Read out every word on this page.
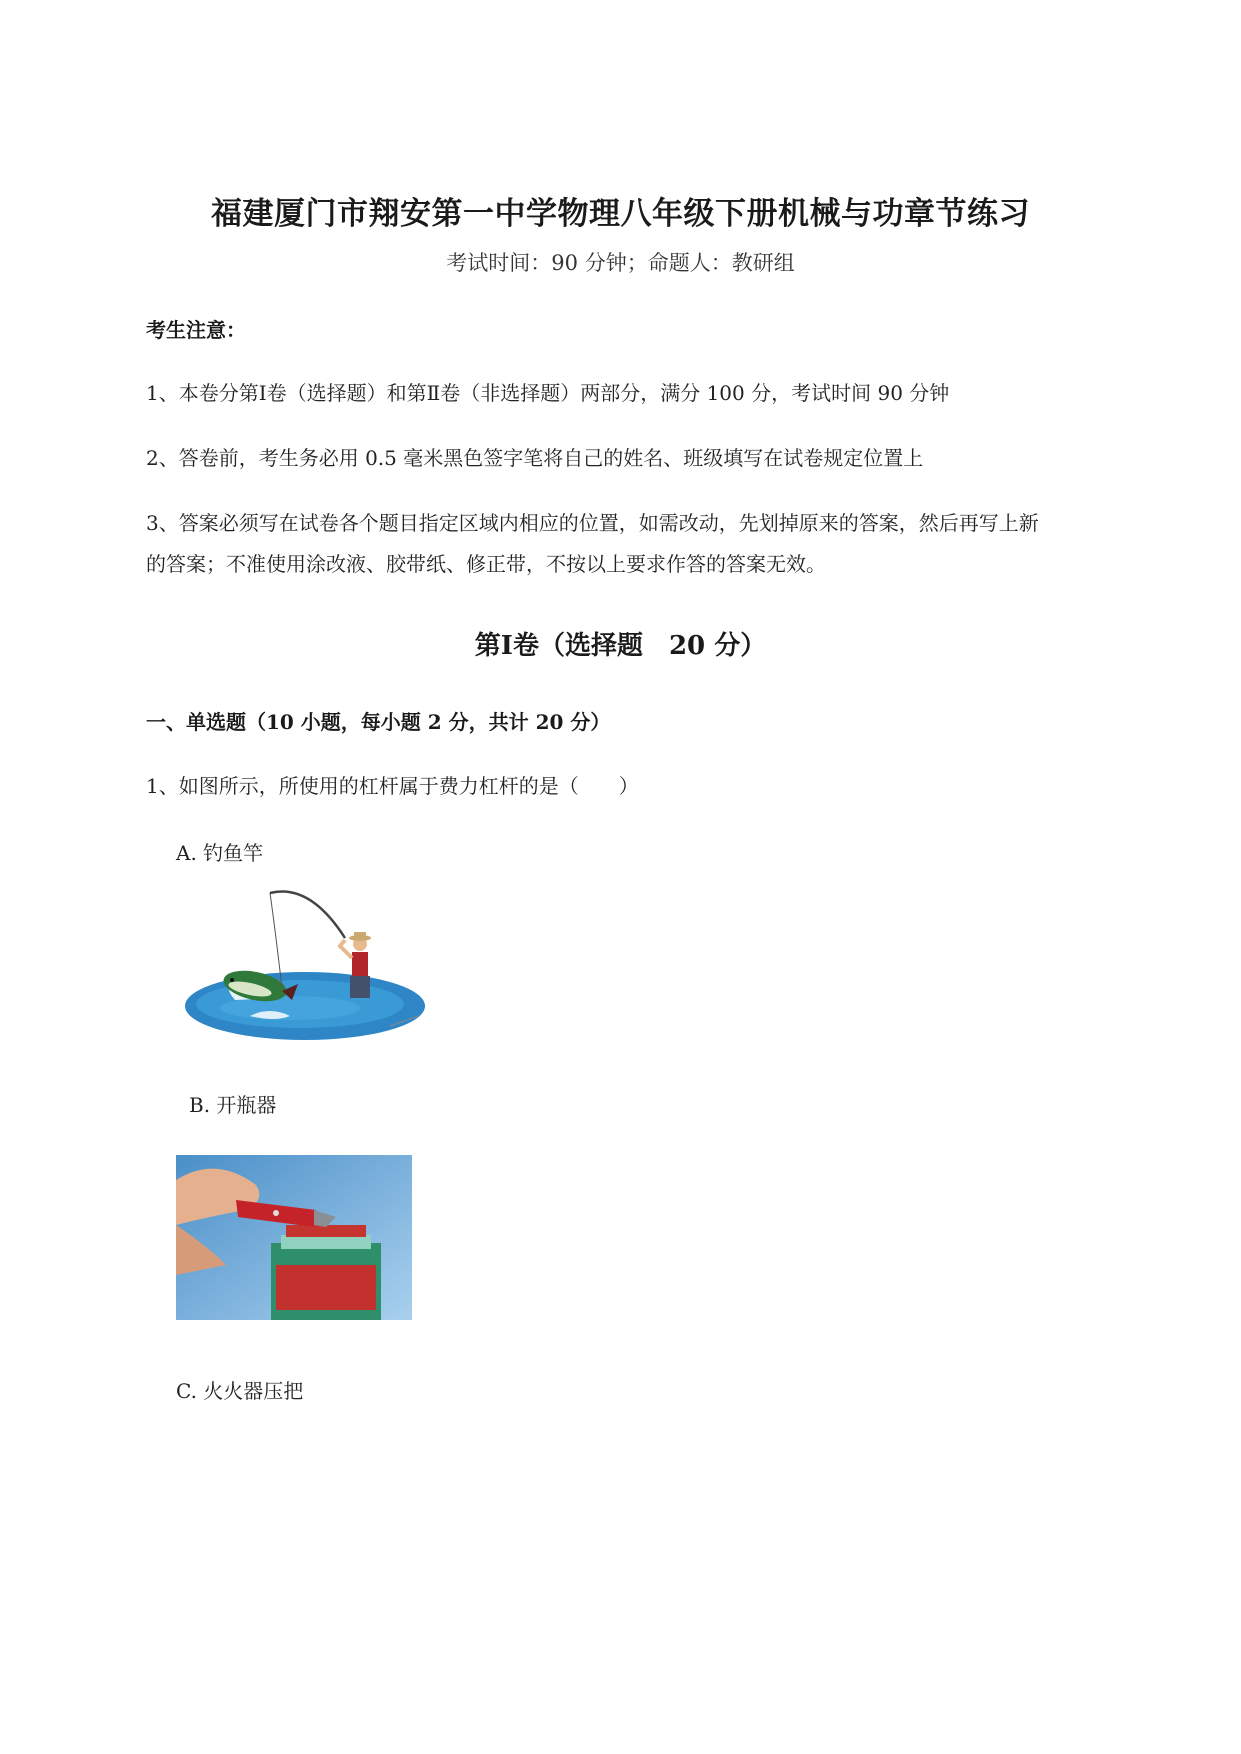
福建厦门市翔安第一中学物理八年级下册机械与功章节练习
考试时间：90 分钟；命题人：教研组
考生注意：
1、本卷分第Ⅰ卷（选择题）和第Ⅱ卷（非选择题）两部分，满分 100 分，考试时间 90 分钟
2、答卷前，考生务必用 0.5 毫米黑色签字笔将自己的姓名、班级填写在试卷规定位置上
3、答案必须写在试卷各个题目指定区域内相应的位置，如需改动，先划掉原来的答案，然后再写上新
的答案；不准使用涂改液、胶带纸、修正带，不按以上要求作答的答案无效。
第Ⅰ卷（选择题　20 分）
一、单选题（10 小题，每小题 2 分，共计 20 分）
1、如图所示，所使用的杠杆属于费力杠杆的是（　　）
A. 钓鱼竿
B. 开瓶器
C. 火火器压把
